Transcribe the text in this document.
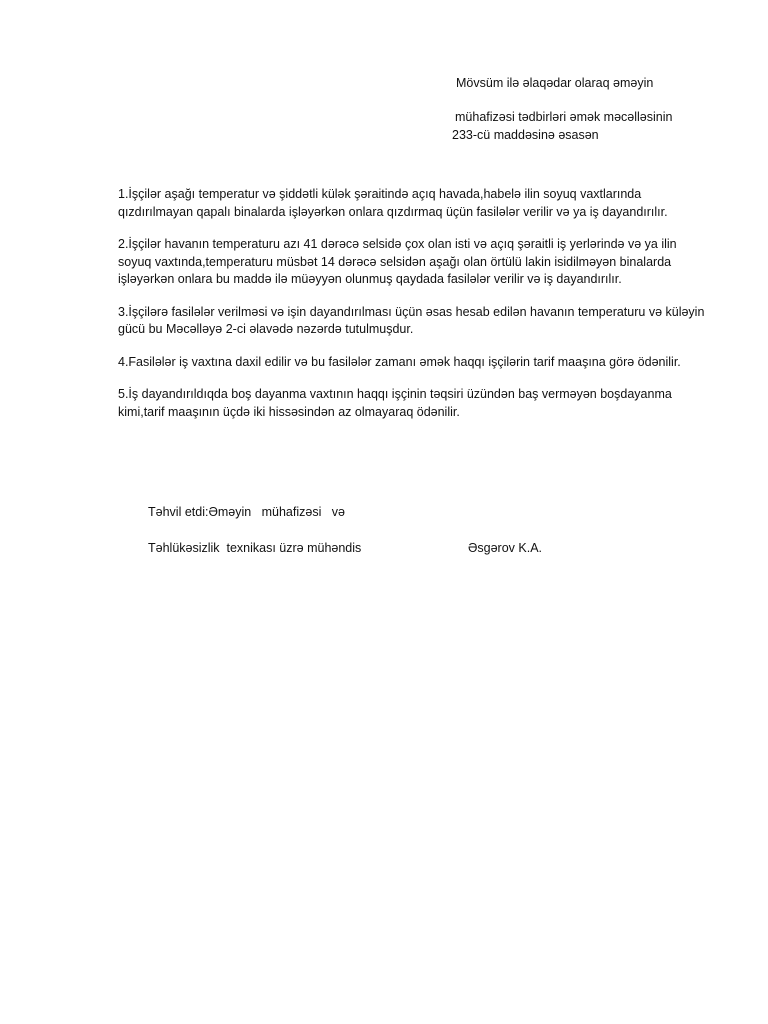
Mövsüm ilə əlaqədar olaraq əməyin
mühafizəsi tədbirləri əmək məcəlləsinin
233-cü maddəsinə əsasən
1.İşçilər aşağı temperatur və şiddətli külək şəraitində açıq havada,habelə ilin soyuq vaxtlarında
qızdırılmayan qapalı binalarda işləyərkən onlara qızdırmaq üçün fasilələr verilir və ya iş dayandırılır.
2.İşçilər havanın temperaturu azı 41 dərəcə selsidə çox olan isti və açıq şəraitli iş yerlərində və ya ilin
soyuq vaxtında,temperaturu müsbət 14 dərəcə selsidən aşağı olan örtülü lakin isidilməyən binalarda
işləyərkən onlara bu maddə ilə müəyyən olunmuş qaydada fasilələr verilir və iş dayandırılır.
3.İşçilərə fasilələr verilməsi və işin dayandırılması üçün əsas hesab edilən havanın temperaturu və küləyin
gücü bu Məcəlləyə 2-ci əlavədə nəzərdə tutulmuşdur.
4.Fasilələr iş vaxtına daxil edilir və bu fasilələr zamanı əmək haqqı işçilərin tarif maaşına görə ödənilir.
5.İş dayandırıldıqda boş dayanma vaxtının haqqı işçinin təqsiri üzündən baş verməyən boşdayanma
kimi,tarif maaşının üçdə iki hissəsindən az olmayaraq ödənilir.
Təhvil etdi:Əməyin   mühafizəsi   və
Təhlükəsizlik  texnikası üzrə mühəndis	Əsgərov K.A.
